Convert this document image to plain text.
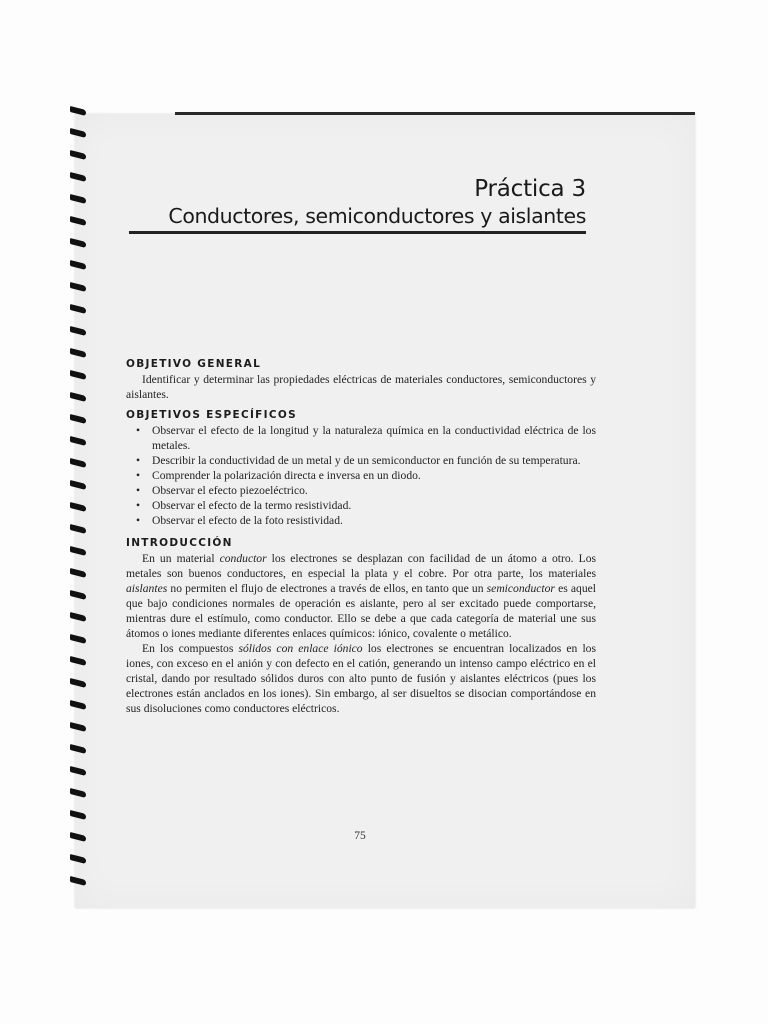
Práctica 3
Conductores, semiconductores y aislantes
OBJETIVO GENERAL

Identificar y determinar las propiedades eléctricas de materiales conductores, semiconductores y aislantes.

OBJETIVOS ESPECÍFICOS
• Observar el efecto de la longitud y la naturaleza química en la conductividad eléctrica de los metales.
• Describir la conductividad de un metal y de un semiconductor en función de su temperatura.
• Comprender la polarización directa e inversa en un diodo.
• Observar el efecto piezoeléctrico.
• Observar el efecto de la termo resistividad.
• Observar el efecto de la foto resistividad.
INTRODUCCIÓN

En un material conductor los electrones se desplazan con facilidad de un átomo a otro. Los metales son buenos conductores, en especial la plata y el cobre. Por otra parte, los materiales aislantes no permiten el flujo de electrones a través de ellos, en tanto que un semiconductor es aquel que bajo condiciones normales de operación es aislante, pero al ser excitado puede comportarse, mientras dure el estímulo, como conductor. Ello se debe a que cada categoría de material une sus átomos o iones mediante diferentes enlaces químicos: iónico, covalente o metálico.

En los compuestos sólidos con enlace iónico los electrones se encuentran localizados en los iones, con exceso en el anión y con defecto en el catión, generando un intenso campo eléctrico en el cristal, dando por resultado sólidos duros con alto punto de fusión y aislantes eléctricos (pues los electrones están anclados en los iones). Sin embargo, al ser disueltos se disocian comportándose en sus disoluciones como conductores eléctricos.

75
